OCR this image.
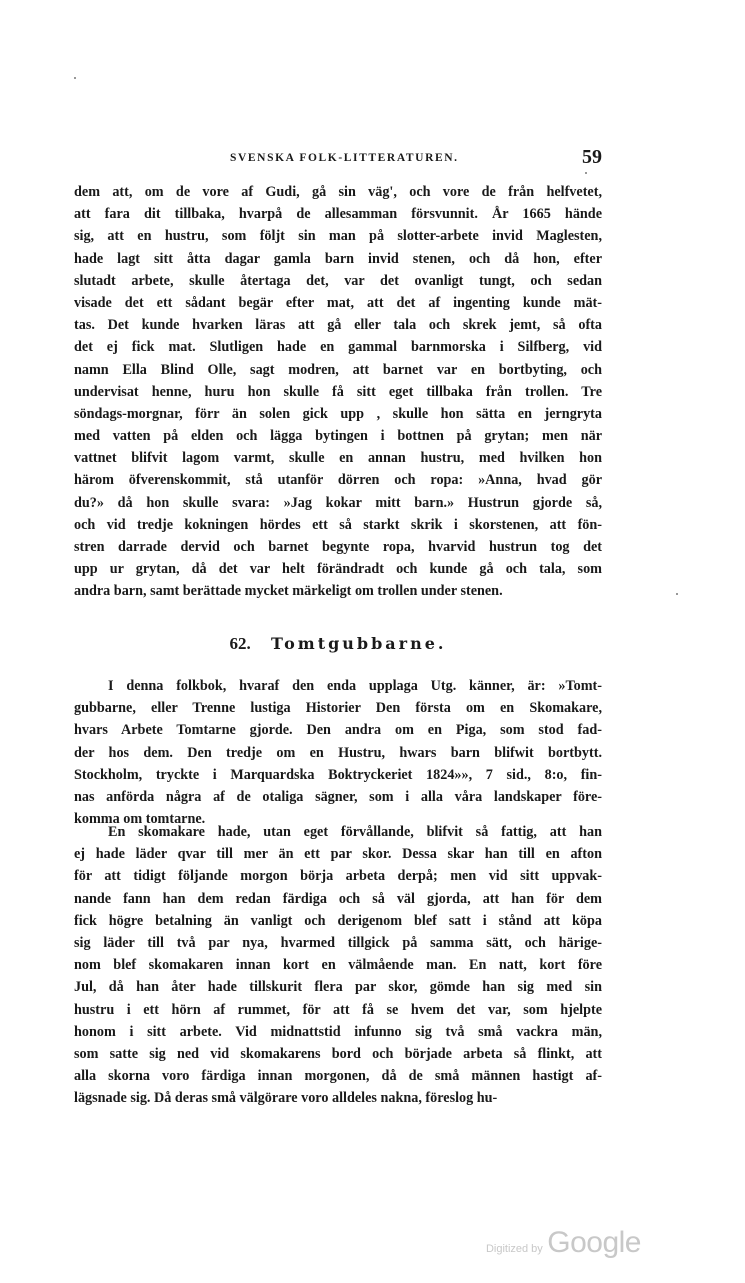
SVENSKA FOLK-LITTERATUREN.	59
dem att, om de vore af Gudi, gå sin väg', och vore de från helfvetet,
att fara dit tillbaka, hvarpå de allesamman försvunnit. År 1665 hände
sig, att en hustru, som följt sin man på slotter-arbete invid Maglesten,
hade lagt sitt åtta dagar gamla barn invid stenen, och då hon, efter
slutadt arbete, skulle återtaga det, var det ovanligt tungt, och sedan
visade det ett sådant begär efter mat, att det af ingenting kunde mät-
tas. Det kunde hvarken läras att gå eller tala och skrek jemt, så ofta
det ej fick mat. Slutligen hade en gammal barnmorska i Silfberg, vid
namn Ella Blind Olle, sagt modren, att barnet var en bortbyting, och
undervisat henne, huru hon skulle få sitt eget tillbaka från trollen. Tre
söndags-morgnar, förr än solen gick upp , skulle hon sätta en jerngryta
med vatten på elden och lägga bytingen i bottnen på grytan; men när
vattnet blifvit lagom varmt, skulle en annan hustru, med hvilken hon
härom öfverenskommit, stå utanför dörren och ropa: »Anna, hvad gör
du?» då hon skulle svara: »Jag kokar mitt barn.» Hustrun gjorde så,
och vid tredje kokningen hördes ett så starkt skrik i skorstenen, att fön-
stren darrade dervid och barnet begynte ropa, hvarvid hustrun tog det
upp ur grytan, då det var helt förändradt och kunde gå och tala, som
andra barn, samt berättade mycket märkeligt om trollen under stenen.
62. Tomtgubbarne.
I denna folkbok, hvaraf den enda upplaga Utg. känner, är: »Tomt-
gubbarne, eller Trenne lustiga Historier Den första om en Skomakare,
hvars Arbete Tomtarne gjorde. Den andra om en Piga, som stod fad-
der hos dem. Den tredje om en Hustru, hwars barn blifwit bortbytt.
Stockholm, tryckte i Marquardska Boktryckeriet 1824»», 7 sid., 8:o, fin-
nas anförda några af de otaliga sägner, som i alla våra landskaper före-
komma om tomtarne.
En skomakare hade, utan eget förvållande, blifvit så fattig, att han
ej hade läder qvar till mer än ett par skor. Dessa skar han till en afton
för att tidigt följande morgon börja arbeta derpå; men vid sitt uppvak-
nande fann han dem redan färdiga och så väl gjorda, att han för dem
fick högre betalning än vanligt och derigenom blef satt i stånd att köpa
sig läder till två par nya, hvarmed tillgick på samma sätt, och härige-
nom blef skomakaren innan kort en välmående man. En natt, kort före
Jul, då han åter hade tillskurit flera par skor, gömde han sig med sin
hustru i ett hörn af rummet, för att få se hvem det var, som hjelpte
honom i sitt arbete. Vid midnattstid infunno sig två små vackra män,
som satte sig ned vid skomakarens bord och började arbeta så flinkt, att
alla skorna voro färdiga innan morgonen, då de små männen hastigt af-
lägsnade sig. Då deras små välgörare voro alldeles nakna, föreslog hu-
Digitized by Google
